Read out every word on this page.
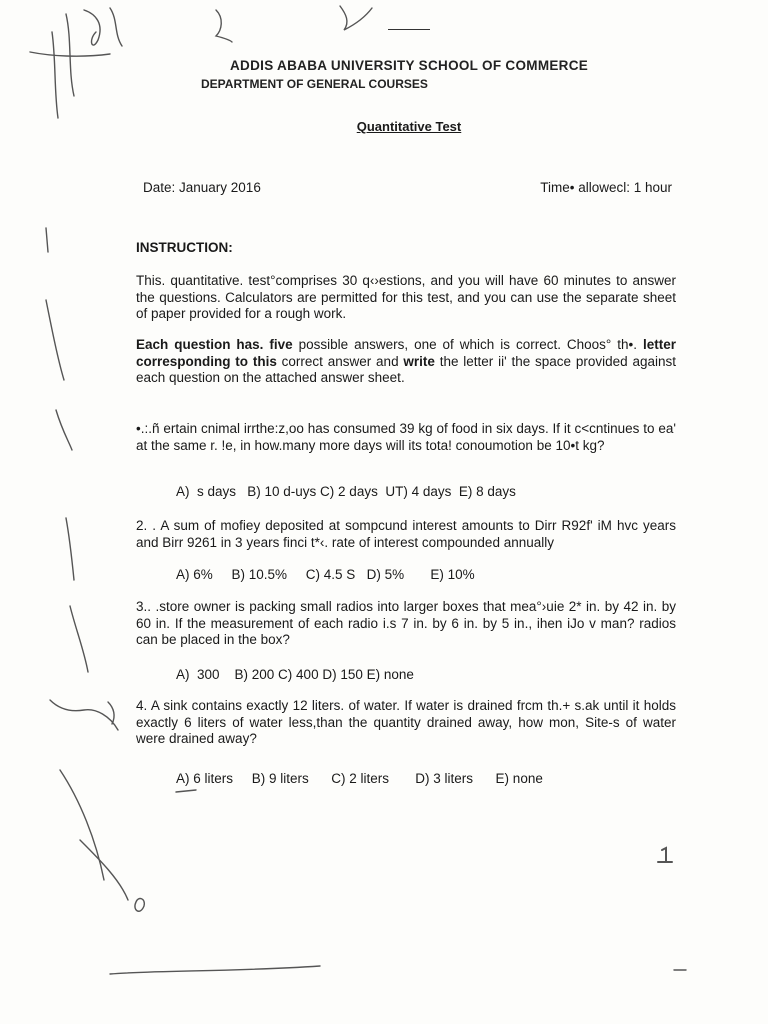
ADDIS ABABA UNIVERSITY SCHOOL OF COMMERCE
DEPARTMENT OF GENERAL COURSES
Quantitative Test
Date: January 2016	Time• allowecl: 1 hour
INSTRUCTION:
This. quantitative. test°comprises 30 q‹›estions, and you will have 60 minutes to answer the questions. Calculators are permitted for this test, and you can use the separate sheet of paper provided for a rough work.
Each question has. five possible answers, one of which is correct. Choos° th•. letter corresponding to this correct answer and write the letter ii' the space provided against each question on the attached answer sheet.
•.:.ñ ertain cnimal irrthe:z,oo has consumed 39 kg of food in six days. If it c<cntinues to ea' at the same r. !e, in how.many more days will its tota! conoumotion be 10•t kg?
A)  s days   B) 10 d-uys C) 2 days  UT) 4 days  E) 8 days
2. . A sum of mofiey deposited at sompcund interest amounts to Dirr R92f' iM hvc years and Birr 9261 in 3 years finci t*‹. rate of interest compounded annually
A) 6%     B) 10.5%     C) 4.5 S   D) 5%       E) 10%
3.. .store owner is packing small radios into larger boxes that mea°›uie 2* in. by 42 in. by 60 in. If the measurement of each radio i.s 7 in. by 6 in. by 5 in., ihen iJo v man? radios can be placed in the box?
A)  300    B) 200 C) 400 D) 150 E) none
4. A sink contains exactly 12 liters. of water. If water is drained frcm th.+ s.ak until it holds exactly 6 liters of water less,than the quantity drained away, how mon, Site-s of water were drained away?
A) 6 liters     B) 9 liters      C) 2 liters       D) 3 liters      E) none
